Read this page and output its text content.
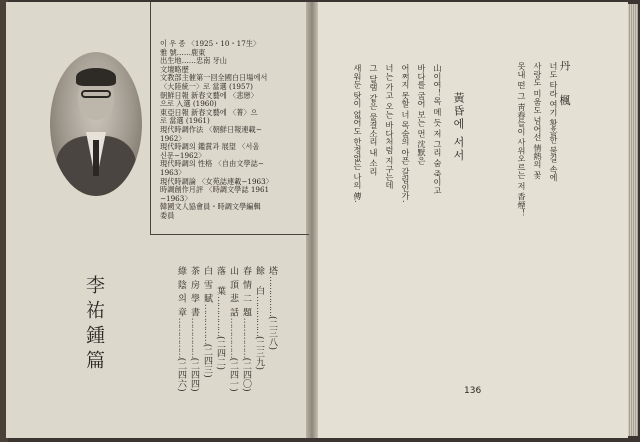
李祐鍾篇
이 우 종 〈1925・10・17生〉
雅 號……鹿東
出生地……忠南 牙山
文壇略歷
文教部主催第一回全國白日場에서
〈大陸統一〉로 當選 (1957)
朝鮮日報 新春文藝에 〈悲戀〉
으로 入選 (1960)
東亞日報 新春文藝에 〈菁〉으
로 當選 (1961)
現代時調作法 〈朝鮮日報連載−
1962〉
現代時調의 鑑賞과 展望 〈서울
신문−1962〉
現代時調의 性格 〈自由文學誌−
1963〉
現代時調論 〈女苑誌連載−1963〉
時調創作月評 〈時調文學誌 1961
−1963〉
韓國文人協會員・時調文學編輯
委員
塔……………(二三八)
餘　白……………(二三九)
春 情 二 題……………(二四〇)
山 頂 悲 話……………(二四一)
落　葉……………(二四二)
白 雪 賦……………(二四三)
茶 房 學 書……………(二四四)
綠 陰 의 章……………(二四六)
丹 楓
너도 타라 여기 황홀한 불길 속에
사랑도 미움도 넘어선 情熱의 꽃
못내 떤 그 靑春들이 사위오르는 저 香煙！
黃昏에 서서
山이여！목 메 듯 저 그리 숨 죽이고
바다를 굽어 보는 먼 沈默은
어쩌지 못할 너 목숨의 아픈 갈림인가.
너는 가고 오는 바다처럼 지구는데
그 달램 같은 물결소리 내 소리
새워둔 탓이 없어도 한정없는 나의 傳.
136
